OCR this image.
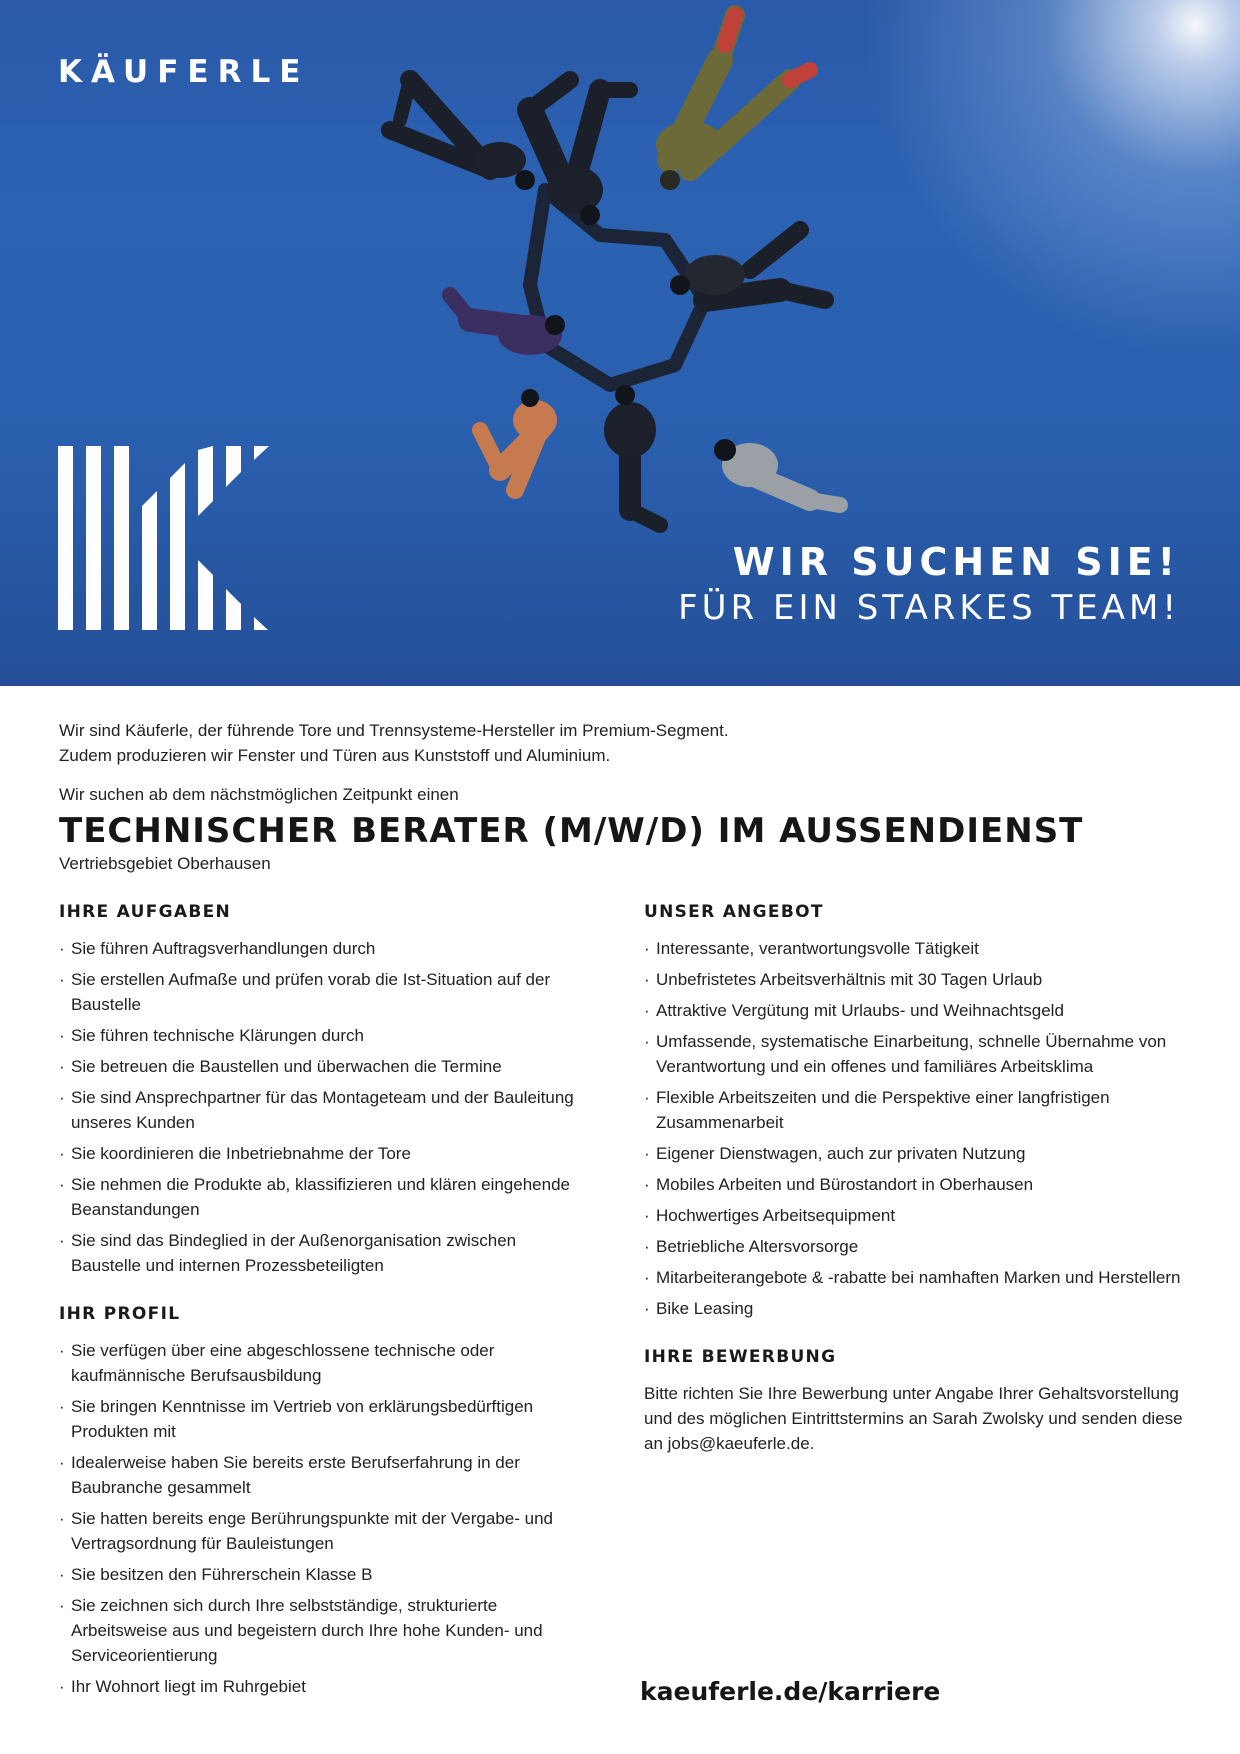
KÄUFERLE
WIR SUCHEN SIE!
FÜR EIN STARKES TEAM!
Wir sind Käuferle, der führende Tore und Trennsysteme-Hersteller im Premium-Segment.
Zudem produzieren wir Fenster und Türen aus Kunststoff und Aluminium.
Wir suchen ab dem nächstmöglichen Zeitpunkt einen
TECHNISCHER BERATER (M/W/D) IM AUSSENDIENST
Vertriebsgebiet Oberhausen
IHRE AUFGABEN
· Sie führen Auftragsverhandlungen durch
· Sie erstellen Aufmaße und prüfen vorab die Ist-Situation auf der Baustelle
· Sie führen technische Klärungen durch
· Sie betreuen die Baustellen und überwachen die Termine
· Sie sind Ansprechpartner für das Montageteam und der Bauleitung unseres Kunden
· Sie koordinieren die Inbetriebnahme der Tore
· Sie nehmen die Produkte ab, klassifizieren und klären eingehende Beanstandungen
· Sie sind das Bindeglied in der Außenorganisation zwischen Baustelle und internen Prozessbeteiligten
IHR PROFIL
· Sie verfügen über eine abgeschlossene technische oder kaufmännische Berufsausbildung
· Sie bringen Kenntnisse im Vertrieb von erklärungsbedürftigen Produkten mit
· Idealerweise haben Sie bereits erste Berufserfahrung in der Baubranche gesammelt
· Sie hatten bereits enge Berührungspunkte mit der Vergabe- und Vertragsordnung für Bauleistungen
· Sie besitzen den Führerschein Klasse B
· Sie zeichnen sich durch Ihre selbstständige, strukturierte Arbeitsweise aus und begeistern durch Ihre hohe Kunden- und Serviceorientierung
· Ihr Wohnort liegt im Ruhrgebiet
UNSER ANGEBOT
· Interessante, verantwortungsvolle Tätigkeit
· Unbefristetes Arbeitsverhältnis mit 30 Tagen Urlaub
· Attraktive Vergütung mit Urlaubs- und Weihnachtsgeld
· Umfassende, systematische Einarbeitung, schnelle Übernahme von Verantwortung und ein offenes und familiäres Arbeitsklima
· Flexible Arbeitszeiten und die Perspektive einer langfristigen Zusammenarbeit
· Eigener Dienstwagen, auch zur privaten Nutzung
· Mobiles Arbeiten und Bürostandort in Oberhausen
· Hochwertiges Arbeitsequipment
· Betriebliche Altersvorsorge
· Mitarbeiterangebote & -rabatte bei namhaften Marken und Herstellern
· Bike Leasing
IHRE BEWERBUNG
Bitte richten Sie Ihre Bewerbung unter Angabe Ihrer Gehaltsvorstellung und des möglichen Eintrittstermins an Sarah Zwolsky und senden diese an jobs@kaeuferle.de.
kaeuferle.de/karriere
